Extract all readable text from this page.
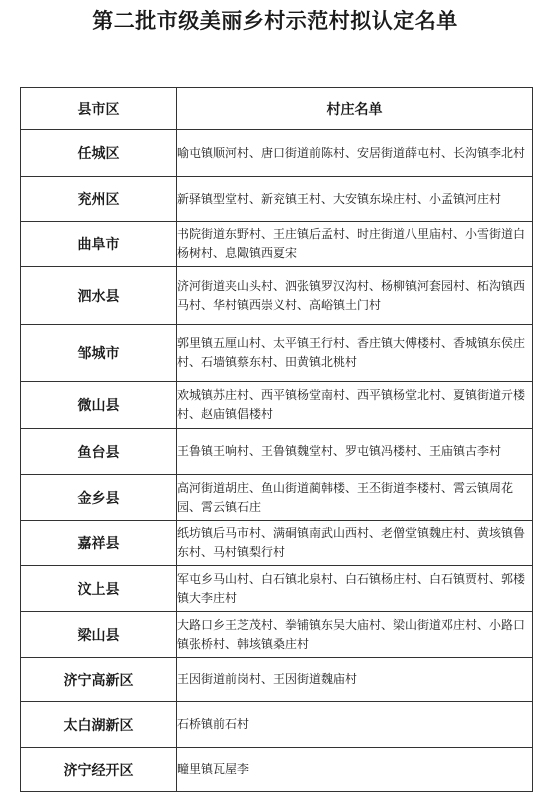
第二批市级美丽乡村示范村拟认定名单
县市区	村庄名单
任城区	喻屯镇顺河村、唐口街道前陈村、安居街道薛屯村、长沟镇李北村
兖州区	新驿镇型堂村、新兖镇王村、大安镇东垛庄村、小孟镇河庄村
曲阜市	书院街道东野村、王庄镇后孟村、时庄街道八里庙村、小雪街道白杨树村、息陬镇西夏宋
泗水县	济河街道夹山头村、泗张镇罗汉沟村、杨柳镇河套园村、柘沟镇西马村、华村镇西崇义村、高峪镇土门村
邹城市	郭里镇五厘山村、太平镇王行村、香庄镇大傅楼村、香城镇东侯庄村、石墙镇蔡东村、田黄镇北桃村
微山县	欢城镇苏庄村、西平镇杨堂南村、西平镇杨堂北村、夏镇街道亓楼村、赵庙镇倡楼村
鱼台县	王鲁镇王响村、王鲁镇魏堂村、罗屯镇冯楼村、王庙镇古李村
金乡县	高河街道胡庄、鱼山街道蔺韩楼、王丕街道李楼村、霄云镇周花园、霄云镇石庄
嘉祥县	纸坊镇后马市村、满硐镇南武山西村、老僧堂镇魏庄村、黄垓镇鲁东村、马村镇梨行村
汶上县	军屯乡马山村、白石镇北泉村、白石镇杨庄村、白石镇贾村、郭楼镇大李庄村
梁山县	大路口乡王芝茂村、拳铺镇东吴大庙村、梁山街道邓庄村、小路口镇张桥村、韩垓镇桑庄村
济宁高新区	王因街道前岗村、王因街道魏庙村
太白湖新区	石桥镇前石村
济宁经开区	疃里镇瓦屋李
